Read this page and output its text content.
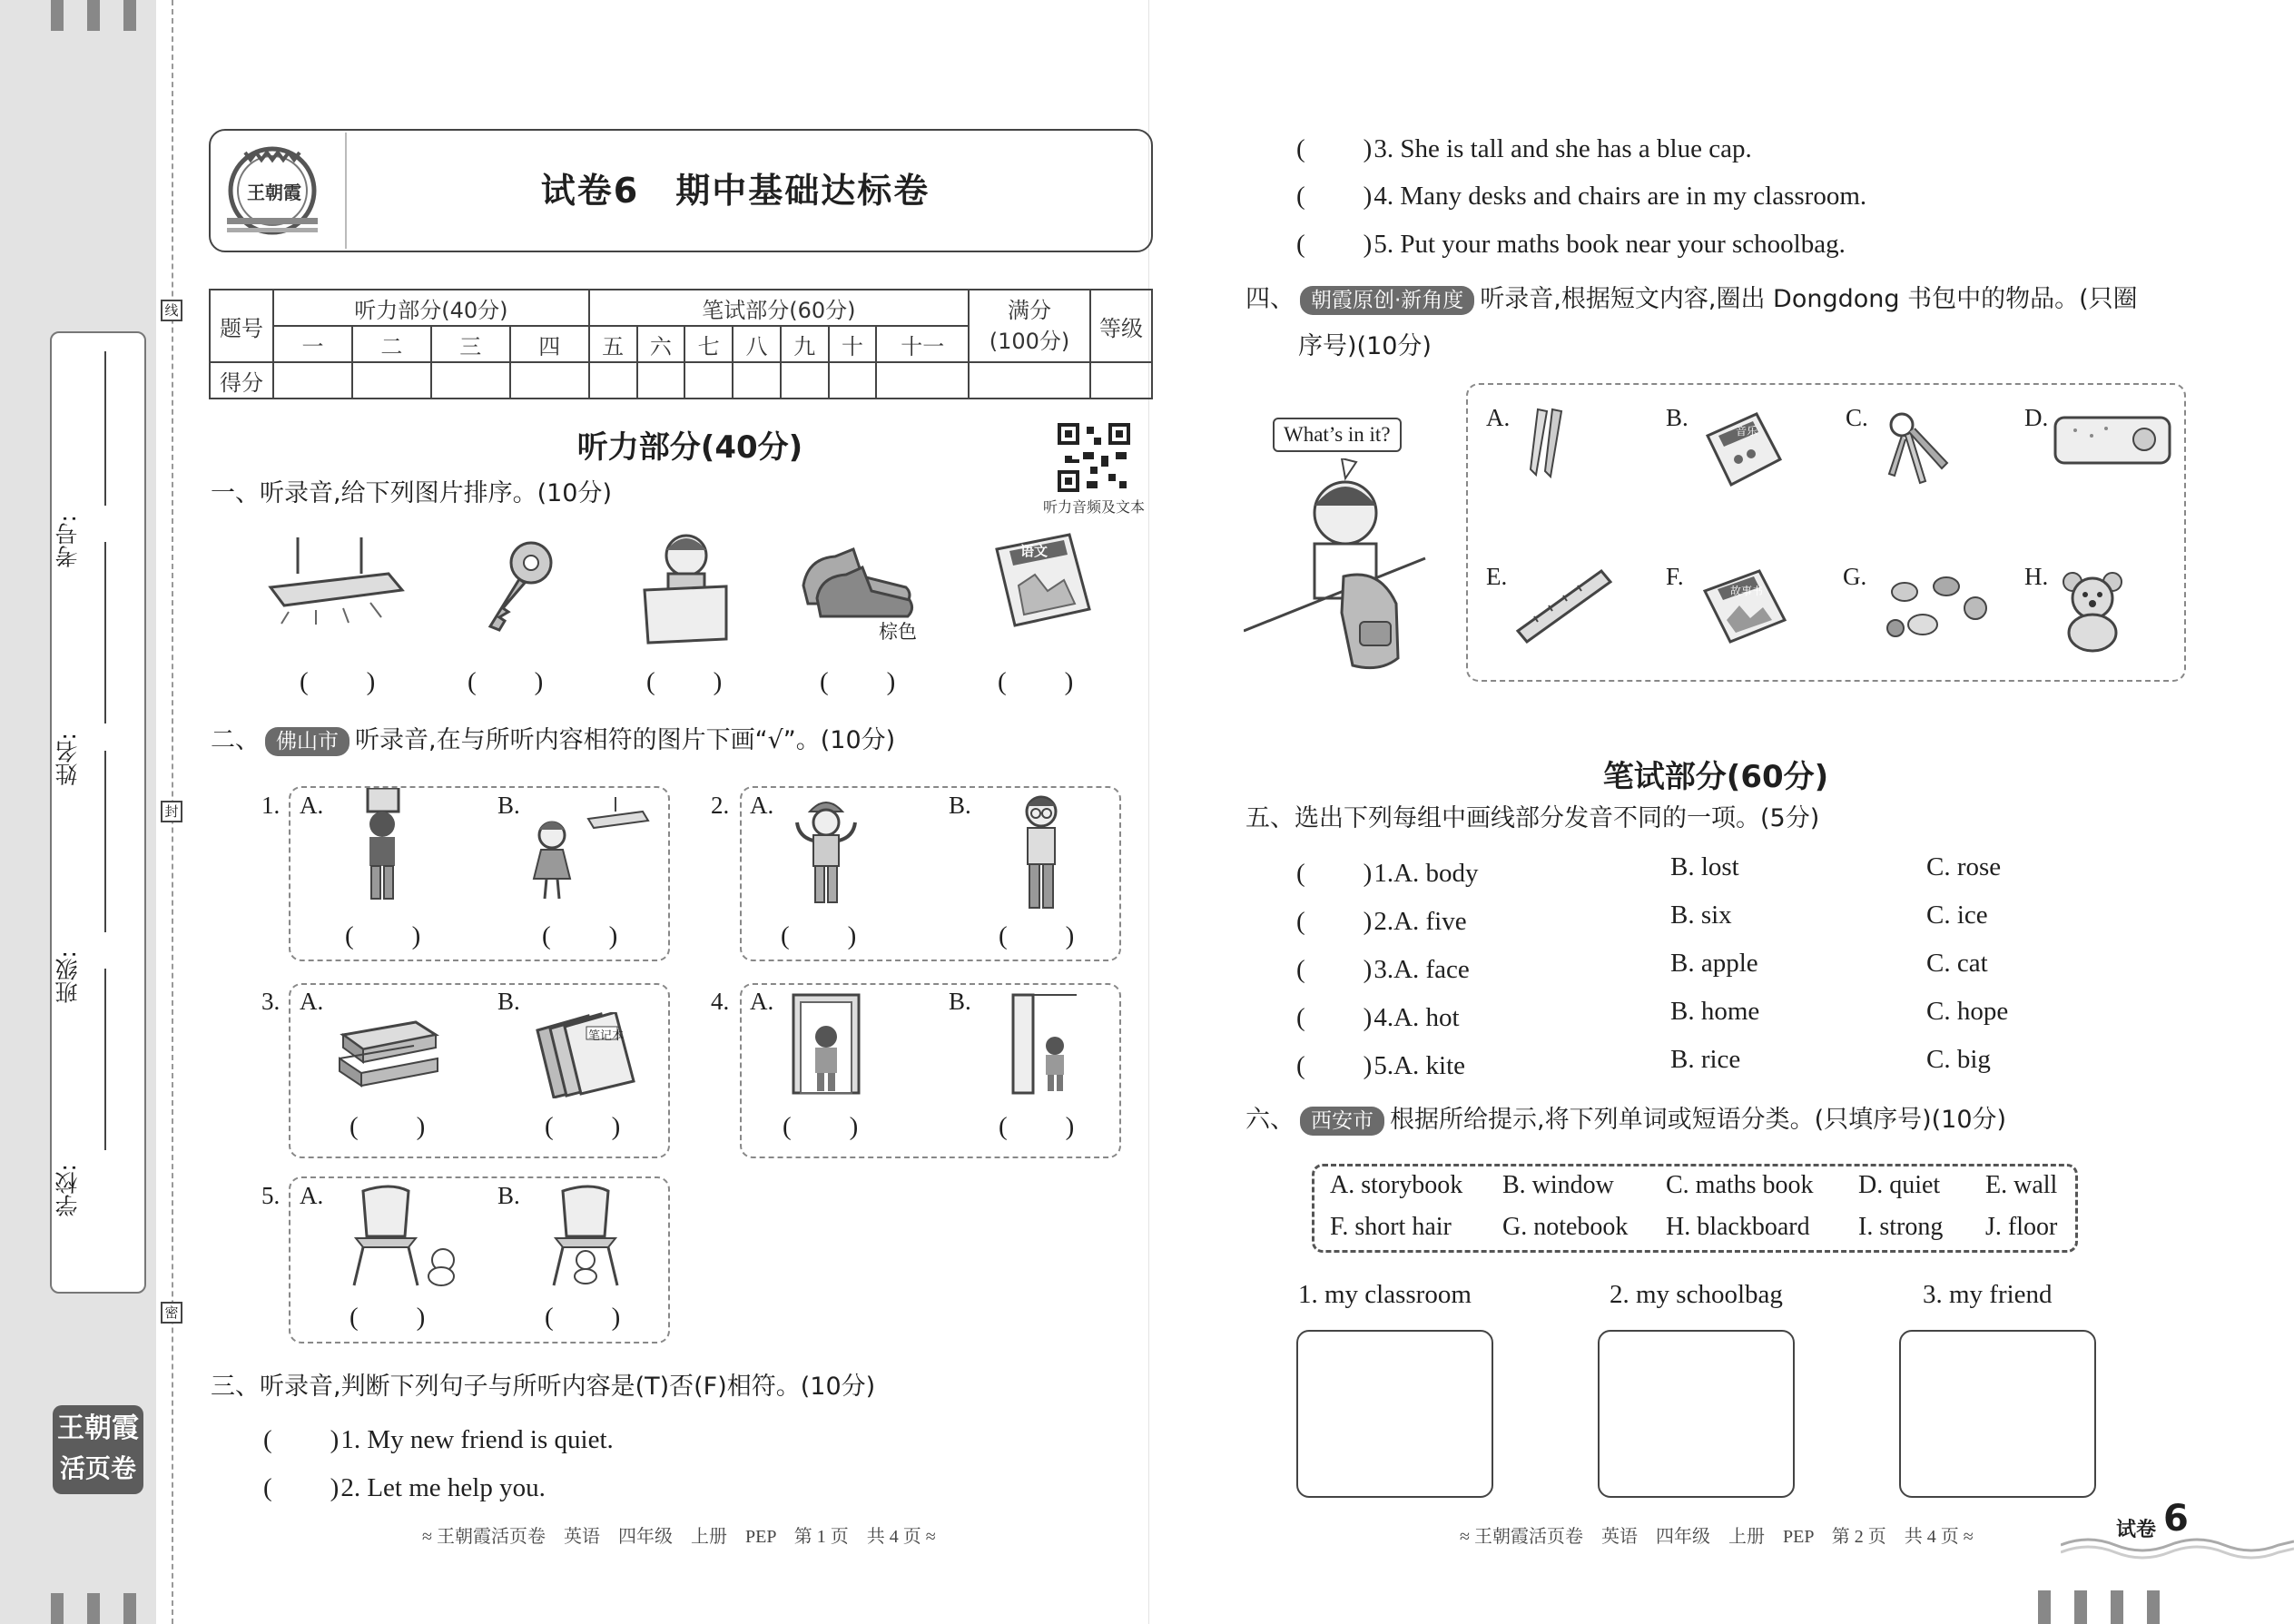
学校:
班级:
姓名:
考号:
线
封
密
王朝霞
活页卷
王朝霞	试卷6　期中基础达标卷
题号	听力部分(40分)				笔试部分(60分)							满分
(100分)	等级
	一	二	三	四	五	六	七	八	九	十	十一		
得分													
听力部分(40分)
听力音频及文本
一、听录音,给下列图片排序。(10分)
棕色
语文
(　　)	(　　)	(　　)	(　　)	(　　)
二、 佛山市 听录音,在与所听内容相符的图片下画“√”。(10分)
1. A.	B.
(　　)	(　　)
2. A.	B.
(　　)	(　　)
3. A.	B.
笔记本
(　　)	(　　)
4. A.	B.
(　　)	(　　)
5. A.	B.
(　　)	(　　)
三、听录音,判断下列句子与所听内容是(T)否(F)相符。(10分)
(　　)1. My new friend is quiet.
(　　)2. Let me help you.
≈ 王朝霞活页卷　英语　四年级　上册　PEP　第 1 页　共 4 页 ≈
(　　)3. She is tall and she has a blue cap.
(　　)4. Many desks and chairs are in my classroom.
(　　)5. Put your maths book near your schoolbag.
四、 朝霞原创·新角度 听录音,根据短文内容,圈出 Dongdong 书包中的物品。(只圈
序号)(10分)
What’s in it?
A.	B.	C.	D.
E.	F.	G.	H.
音乐
故事书
笔试部分(60分)
五、选出下列每组中画线部分发音不同的一项。(5分)
(　　)1.A. body	B. lost	C. rose
(　　)2.A. five	B. six	C. ice
(　　)3.A. face	B. apple	C. cat
(　　)4.A. hot	B. home	C. hope
(　　)5.A. kite	B. rice	C. big
六、 西安市 根据所给提示,将下列单词或短语分类。(只填序号)(10分)
A. storybook B. window C. maths book D. quiet E. wall
F. short hair G. notebook H. blackboard I. strong J. floor
1. my classroom	2. my schoolbag	3. my friend
≈ 王朝霞活页卷　英语　四年级　上册　PEP　第 2 页　共 4 页 ≈	试卷 6
